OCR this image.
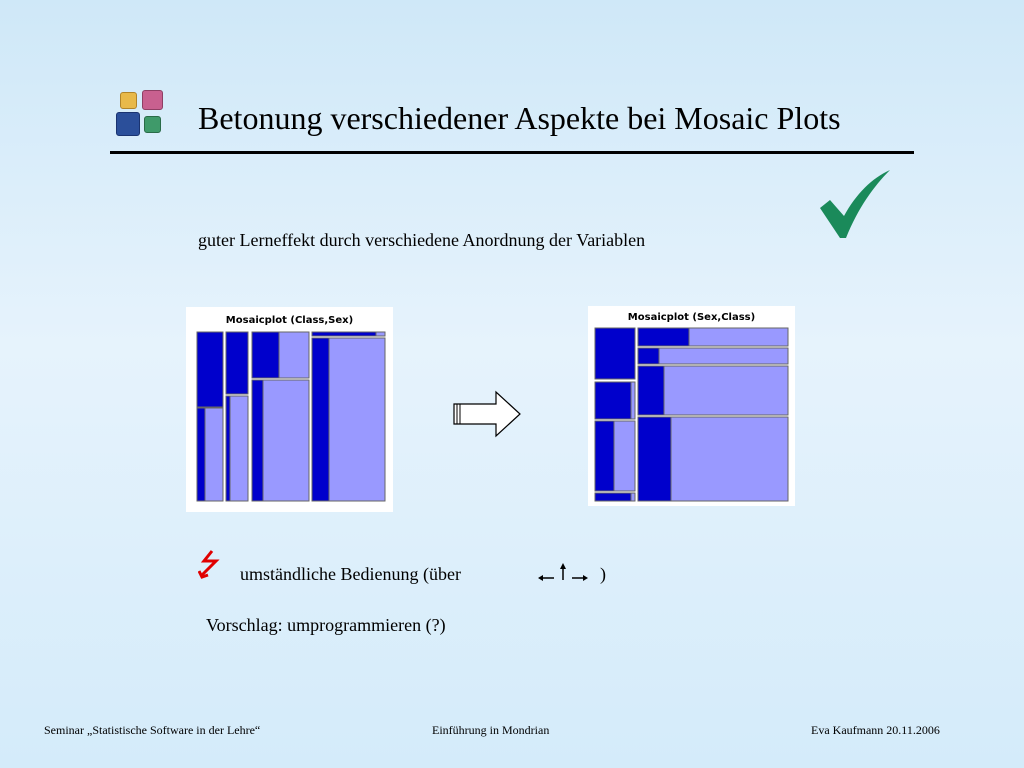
Betonung verschiedener Aspekte bei Mosaic Plots
guter Lerneffekt durch verschiedene Anordnung der Variablen
Mosaicplot (Class,Sex)	Mosaicplot (Sex,Class)
umständliche Bedienung (über	)
Vorschlag: umprogrammieren (?)
Seminar „Statistische Software in der Lehre“	Einführung in Mondrian	Eva Kaufmann 20.11.2006
